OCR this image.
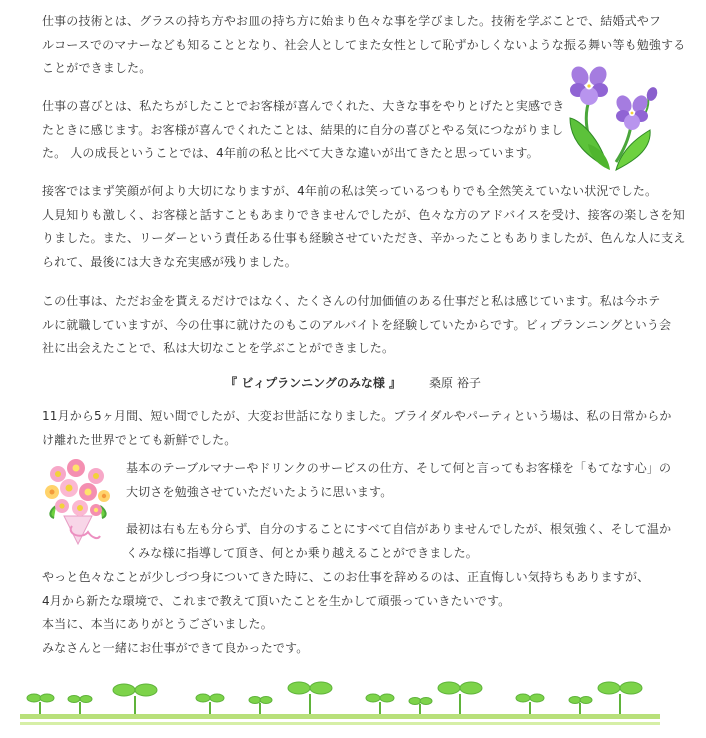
仕事の技術とは、グラスの持ち方やお皿の持ち方に始まり色々な事を学びました。技術を学ぶことで、結婚式やフ
ルコースでのマナーなども知ることとなり、社会人としてまた女性として恥ずかしくないような振る舞い等も勉強する
ことができました。

仕事の喜びとは、私たちがしたことでお客様が喜んでくれた、大きな事をやりとげたと実感でき
たときに感じます。お客様が喜んでくれたことは、結果的に自分の喜びとやる気につながりまし
た。 人の成長ということでは、4年前の私と比べて大きな違いが出てきたと思っています。

接客ではまず笑顔が何より大切になりますが、4年前の私は笑っているつもりでも全然笑えていない状況でした。
人見知りも激しく、お客様と話すこともあまりできませんでしたが、色々な方のアドバイスを受け、接客の楽しさを知
りました。また、リーダーという責任ある仕事も経験させていただき、辛かったこともありましたが、色んな人に支え
られて、最後には大きな充実感が残りました。

この仕事は、ただお金を貰えるだけではなく、たくさんの付加価値のある仕事だと私は感じています。私は今ホテ
ルに就職していますが、今の仕事に就けたのもこのアルバイトを経験していたからです。ビィプランニングという会
社に出会えたことで、私は大切なことを学ぶことができました。

『 ビィプランニングのみな様 』 桑原 裕子

11月から5ヶ月間、短い間でしたが、大変お世話になりました。ブライダルやパーティという場は、私の日常からか
け離れた世界でとても新鮮でした。

基本のテーブルマナーやドリンクのサービスの仕方、そして何と言ってもお客様を「もてなす心」の
大切さを勉強させていただいたように思います。

最初は右も左も分らず、自分のすることにすべて自信がありませんでしたが、根気強く、そして温か
くみな様に指導して頂き、何とか乗り越えることができました。

やっと色々なことが少しづつ身についてきた時に、このお仕事を辞めるのは、正直悔しい気持ちもありますが、
4月から新たな環境で、これまで教えて頂いたことを生かして頑張っていきたいです。
本当に、本当にありがとうございました。
みなさんと一緒にお仕事ができて良かったです。
